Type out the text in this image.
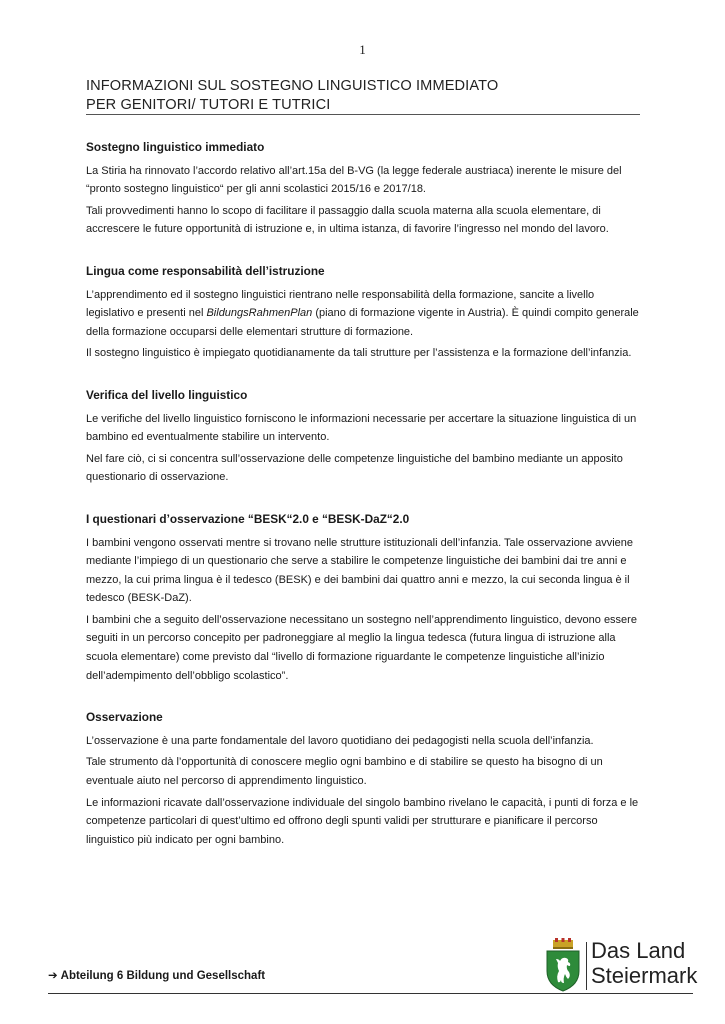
1
INFORMAZIONI SUL SOSTEGNO LINGUISTICO IMMEDIATO
PER GENITORI/ TUTORI E TUTRICI
Sostegno linguistico immediato

La Stiria ha rinnovato l’accordo relativo all’art.15a del B-VG (la legge federale austriaca) inerente le misure del “pronto sostegno linguistico“ per gli anni scolastici 2015/16 e 2017/18.

Tali provvedimenti hanno lo scopo di facilitare il passaggio dalla scuola materna alla scuola elementare, di accrescere le future opportunità di istruzione e, in ultima istanza, di favorire l’ingresso nel mondo del lavoro.

Lingua come responsabilità dell’istruzione

L’apprendimento ed il sostegno linguistici rientrano nelle responsabilità della formazione, sancite a livello legislativo e presenti nel BildungsRahmenPlan (piano di formazione vigente in Austria). È quindi compito generale della formazione occuparsi delle elementari strutture di formazione.

Il sostegno linguistico è impiegato quotidianamente da tali strutture per l’assistenza e la formazione dell’infanzia.

Verifica del livello linguistico

Le verifiche del livello linguistico forniscono le informazioni necessarie per accertare la situazione linguistica di un bambino ed eventualmente stabilire un intervento.

Nel fare ciò, ci si concentra sull’osservazione delle competenze linguistiche del bambino mediante un apposito questionario di osservazione.

I questionari d’osservazione “BESK“2.0 e “BESK-DaZ“2.0

I bambini vengono osservati mentre si trovano nelle strutture istituzionali dell’infanzia. Tale osservazione avviene mediante l’impiego di un questionario che serve a stabilire le competenze linguistiche dei bambini dai tre anni e mezzo, la cui prima lingua è il tedesco (BESK) e dei bambini dai quattro anni e mezzo, la cui seconda lingua è il tedesco (BESK-DaZ).

I bambini che a seguito dell’osservazione necessitano un sostegno nell’apprendimento linguistico, devono essere seguiti in un percorso concepito per padroneggiare al meglio la lingua tedesca (futura lingua di istruzione alla scuola elementare) come previsto dal “livello di formazione riguardante le competenze linguistiche all’inizio dell’adempimento dell’obbligo scolastico”.

Osservazione

L’osservazione è una parte fondamentale del lavoro quotidiano dei pedagogisti nella scuola dell’infanzia.

Tale strumento dà l’opportunità di conoscere meglio ogni bambino e di stabilire se questo ha bisogno di un eventuale aiuto nel percorso di apprendimento linguistico.

Le informazioni ricavate dall’osservazione individuale del singolo bambino rivelano le capacità, i punti di forza e le competenze particolari di quest’ultimo ed offrono degli spunti validi per strutturare e pianificare il percorso linguistico più indicato per ogni bambino.

➔ Abteilung 6 Bildung und Gesellschaft
Das Land
Steiermark
